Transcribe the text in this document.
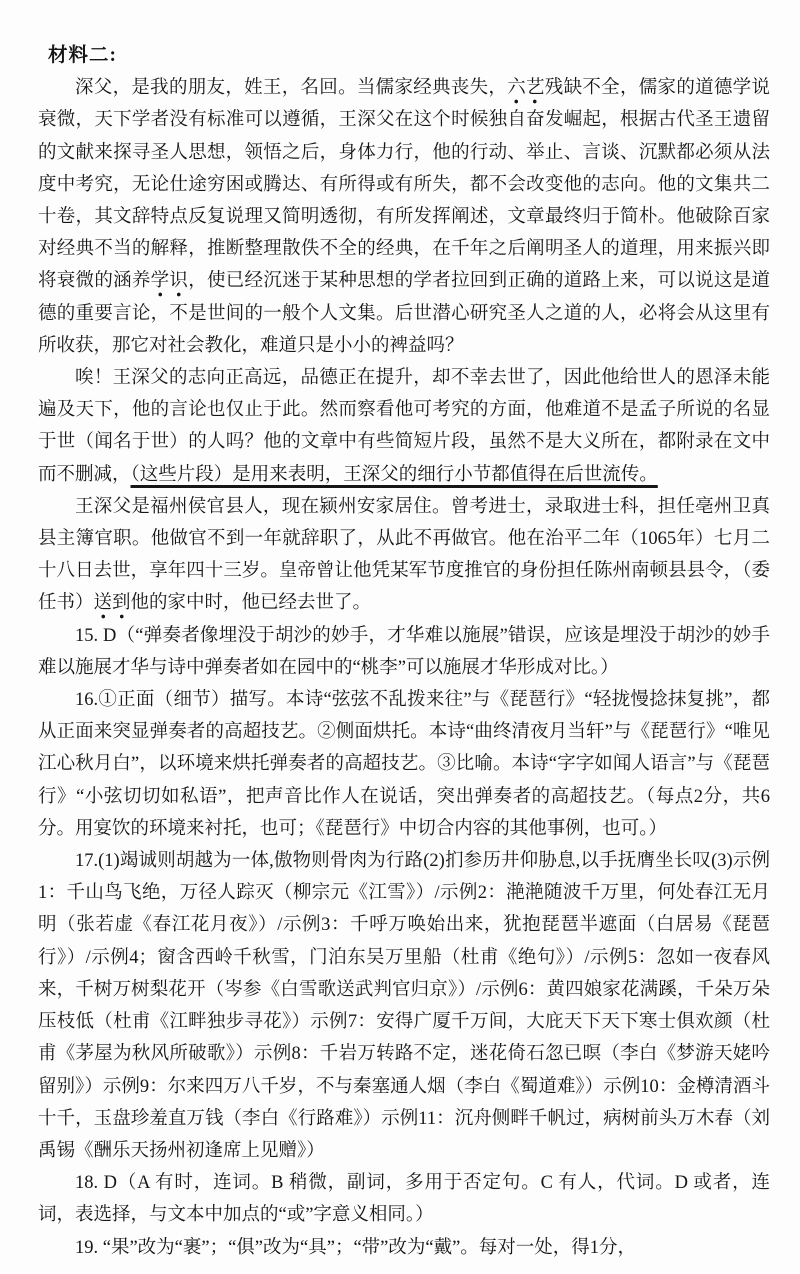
材料二:

深父，是我的朋友，姓王，名回。当儒家经典丧失，六艺残缺不全，儒家的道德学说衰微，天下学者没有标准可以遵循，王深父在这个时候独自奋发崛起，根据古代圣王遗留的文献来探寻圣人思想，领悟之后，身体力行，他的行动、举止、言谈、沉默都必须从法度中考究，无论仕途穷困或腾达、有所得或有所失，都不会改变他的志向。他的文集共二十卷，其文辞特点反复说理又简明透彻，有所发挥阐述，文章最终归于简朴。他破除百家对经典不当的解释，推断整理散佚不全的经典，在千年之后阐明圣人的道理，用来振兴即将衰微的涵养学识，使已经沉迷于某种思想的学者拉回到正确的道路上来，可以说这是道德的重要言论，不是世间的一般个人文集。后世潜心研究圣人之道的人，必将会从这里有所收获，那它对社会教化，难道只是小小的裨益吗？

唉！王深父的志向正高远，品德正在提升，却不幸去世了，因此他给世人的恩泽未能遍及天下，他的言论也仅止于此。然而察看他可考究的方面，他难道不是孟子所说的名显于世（闻名于世）的人吗？他的文章中有些简短片段，虽然不是大义所在，都附录在文中而不删减，（这些片段）是用来表明，王深父的细行小节都值得在后世流传。

王深父是福州侯官县人，现在颍州安家居住。曾考进士，录取进士科，担任亳州卫真县主簿官职。他做官不到一年就辞职了，从此不再做官。他在治平二年（1065年）七月二十八日去世，享年四十三岁。皇帝曾让他凭某军节度推官的身份担任陈州南顿县县令，（委任书）送到他的家中时，他已经去世了。

15. D（“弹奏者像埋没于胡沙的妙手，才华难以施展”错误，应该是埋没于胡沙的妙手难以施展才华与诗中弹奏者如在园中的“桃李”可以施展才华形成对比。）

16.①正面（细节）描写。本诗“弦弦不乱拨来往”与《琵琶行》“轻拢慢捻抹复挑”，都从正面来突显弹奏者的高超技艺。②侧面烘托。本诗“曲终清夜月当轩”与《琵琶行》“唯见江心秋月白”，以环境来烘托弹奏者的高超技艺。③比喻。本诗“字字如闻人语言”与《琵琶行》“小弦切切如私语”，把声音比作人在说话，突出弹奏者的高超技艺。（每点2分，共6分。用宴饮的环境来衬托，也可；《琵琶行》中切合内容的其他事例，也可。）

17.(1)竭诚则胡越为一体,傲物则骨肉为行路(2)扪参历井仰胁息,以手抚膺坐长叹(3)示例1：千山鸟飞绝，万径人踪灭（柳宗元《江雪》）/示例2：滟滟随波千万里，何处春江无月明（张若虚《春江花月夜》）/示例3：千呼万唤始出来，犹抱琵琶半遮面（白居易《琵琶行》）/示例4；窗含西岭千秋雪，门泊东吴万里船（杜甫《绝句》）/示例5：忽如一夜春风来，千树万树梨花开（岑参《白雪歌送武判官归京》）/示例6：黄四娘家花满蹊，千朵万朵压枝低（杜甫《江畔独步寻花》）示例7：安得广厦千万间，大庇天下天下寒士俱欢颜（杜甫《茅屋为秋风所破歌》）示例8：千岩万转路不定，迷花倚石忽已暝（李白《梦游天姥吟留别》）示例9：尔来四万八千岁，不与秦塞通人烟（李白《蜀道难》）示例10：金樽清酒斗十千，玉盘珍羞直万钱（李白《行路难》）示例11：沉舟侧畔千帆过，病树前头万木春（刘禹锡《酬乐天扬州初逢席上见赠》）

18. D（A 有时，连词。B 稍微，副词，多用于否定句。C 有人，代词。D 或者，连词，表选择，与文本中加点的“或”字意义相同。）

19. “果”改为“裹”；“俱”改为“具”；“带”改为“戴”。每对一处，得1分，
